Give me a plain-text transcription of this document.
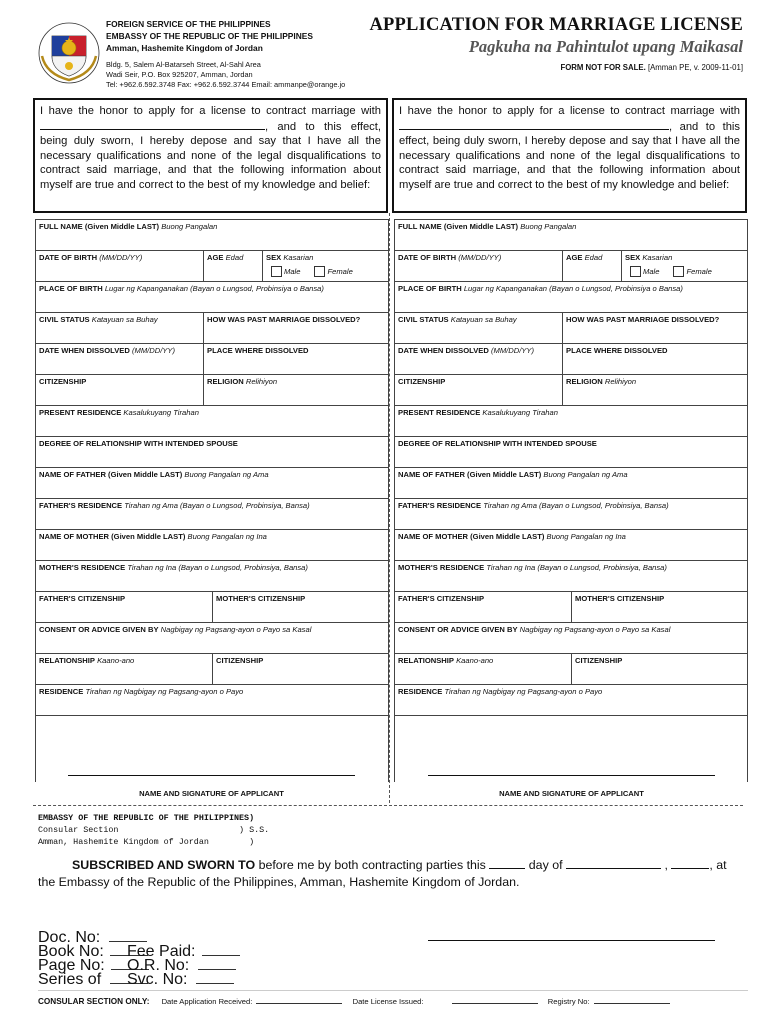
FOREIGN SERVICE OF THE PHILIPPINES
EMBASSY OF THE REPUBLIC OF THE PHILIPPINES
Amman, Hashemite Kingdom of Jordan
Bldg. 5, Salem Al-Batarseh Street, Al-Sahl Area
Wadi Seir, P.O. Box 925207, Amman, Jordan
Tel: +962.6.592.3748 Fax: +962.6.592.3744 Email: ammanpe@orange.jo
APPLICATION FOR MARRIAGE LICENSE
Pagkuha na Pahintulot upang Maikasal
FORM NOT FOR SALE. [Amman PE, v. 2009-11-01]
I have the honor to apply for a license to contract marriage with , and to this effect, being duly sworn, I hereby depose and say that I have all the necessary qualifications and none of the legal disqualifications to contract said marriage, and that the following information about myself are true and correct to the best of my knowledge and belief:
I have the honor to apply for a license to contract marriage with , and to this effect, being duly sworn, I hereby depose and say that I have all the necessary qualifications and none of the legal disqualifications to contract said marriage, and that the following information about myself are true and correct to the best of my knowledge and belief:
FULL NAME (Given Middle LAST) Buong Pangalan			
DATE OF BIRTH (MM/DD/YY)	AGE Edad		SEX Kasarian
Male Female

PLACE OF BIRTH Lugar ng Kapanganakan (Bayan o Lungsod, Probinsiya o Bansa)			
CIVIL STATUS Katayuan sa Buhay	HOW WAS PAST MARRIAGE DISSOLVED?		
DATE WHEN DISSOLVED (MM/DD/YY)	PLACE WHERE DISSOLVED		
CITIZENSHIP	RELIGION Relihiyon		
PRESENT RESIDENCE Kasalukuyang Tirahan			
DEGREE OF RELATIONSHIP WITH INTENDED SPOUSE			
NAME OF FATHER (Given Middle LAST) Buong Pangalan ng Ama			
FATHER'S RESIDENCE Tirahan ng Ama (Bayan o Lungsod, Probinsiya, Bansa)			
NAME OF MOTHER (Given Middle LAST) Buong Pangalan ng Ina			
MOTHER'S RESIDENCE Tirahan ng Ina (Bayan o Lungsod, Probinsiya, Bansa)			
FATHER'S CITIZENSHIP		MOTHER'S CITIZENSHIP	
CONSENT OR ADVICE GIVEN BY Nagbigay ng Pagsang-ayon o Payo sa Kasal			
RELATIONSHIP Kaano-ano		CITIZENSHIP	
RESIDENCE Tirahan ng Nagbigay ng Pagsang-ayon o Payo			

FULL NAME (Given Middle LAST) Buong Pangalan			
DATE OF BIRTH (MM/DD/YY)	AGE Edad		SEX Kasarian
Male Female

PLACE OF BIRTH Lugar ng Kapanganakan (Bayan o Lungsod, Probinsiya o Bansa)			
CIVIL STATUS Katayuan sa Buhay	HOW WAS PAST MARRIAGE DISSOLVED?		
DATE WHEN DISSOLVED (MM/DD/YY)	PLACE WHERE DISSOLVED		
CITIZENSHIP	RELIGION Relihiyon		
PRESENT RESIDENCE Kasalukuyang Tirahan			
DEGREE OF RELATIONSHIP WITH INTENDED SPOUSE			
NAME OF FATHER (Given Middle LAST) Buong Pangalan ng Ama			
FATHER'S RESIDENCE Tirahan ng Ama (Bayan o Lungsod, Probinsiya, Bansa)			
NAME OF MOTHER (Given Middle LAST) Buong Pangalan ng Ina			
MOTHER'S RESIDENCE Tirahan ng Ina (Bayan o Lungsod, Probinsiya, Bansa)			
FATHER'S CITIZENSHIP		MOTHER'S CITIZENSHIP	
CONSENT OR ADVICE GIVEN BY Nagbigay ng Pagsang-ayon o Payo sa Kasal			
RELATIONSHIP Kaano-ano		CITIZENSHIP	
RESIDENCE Tirahan ng Nagbigay ng Pagsang-ayon o Payo			

NAME AND SIGNATURE OF APPLICANT	NAME AND SIGNATURE OF APPLICANT
EMBASSY OF THE REPUBLIC OF THE PHILIPPINES)
Consular Section                        ) S.S.
Amman, Hashemite Kingdom of Jordan        )
SUBSCRIBED AND SWORN TO before me by both contracting parties this	day of	,	, at
the Embassy of the Republic of the Philippines, Amman, Hashemite Kingdom of Jordan.
Doc. No:
Book No:
Page No:
Series of
Fee Paid:
O.R. No:
Svc. No:
CONSULAR SECTION ONLY: Date Application Received:	Date License Issued:	Registry No:
